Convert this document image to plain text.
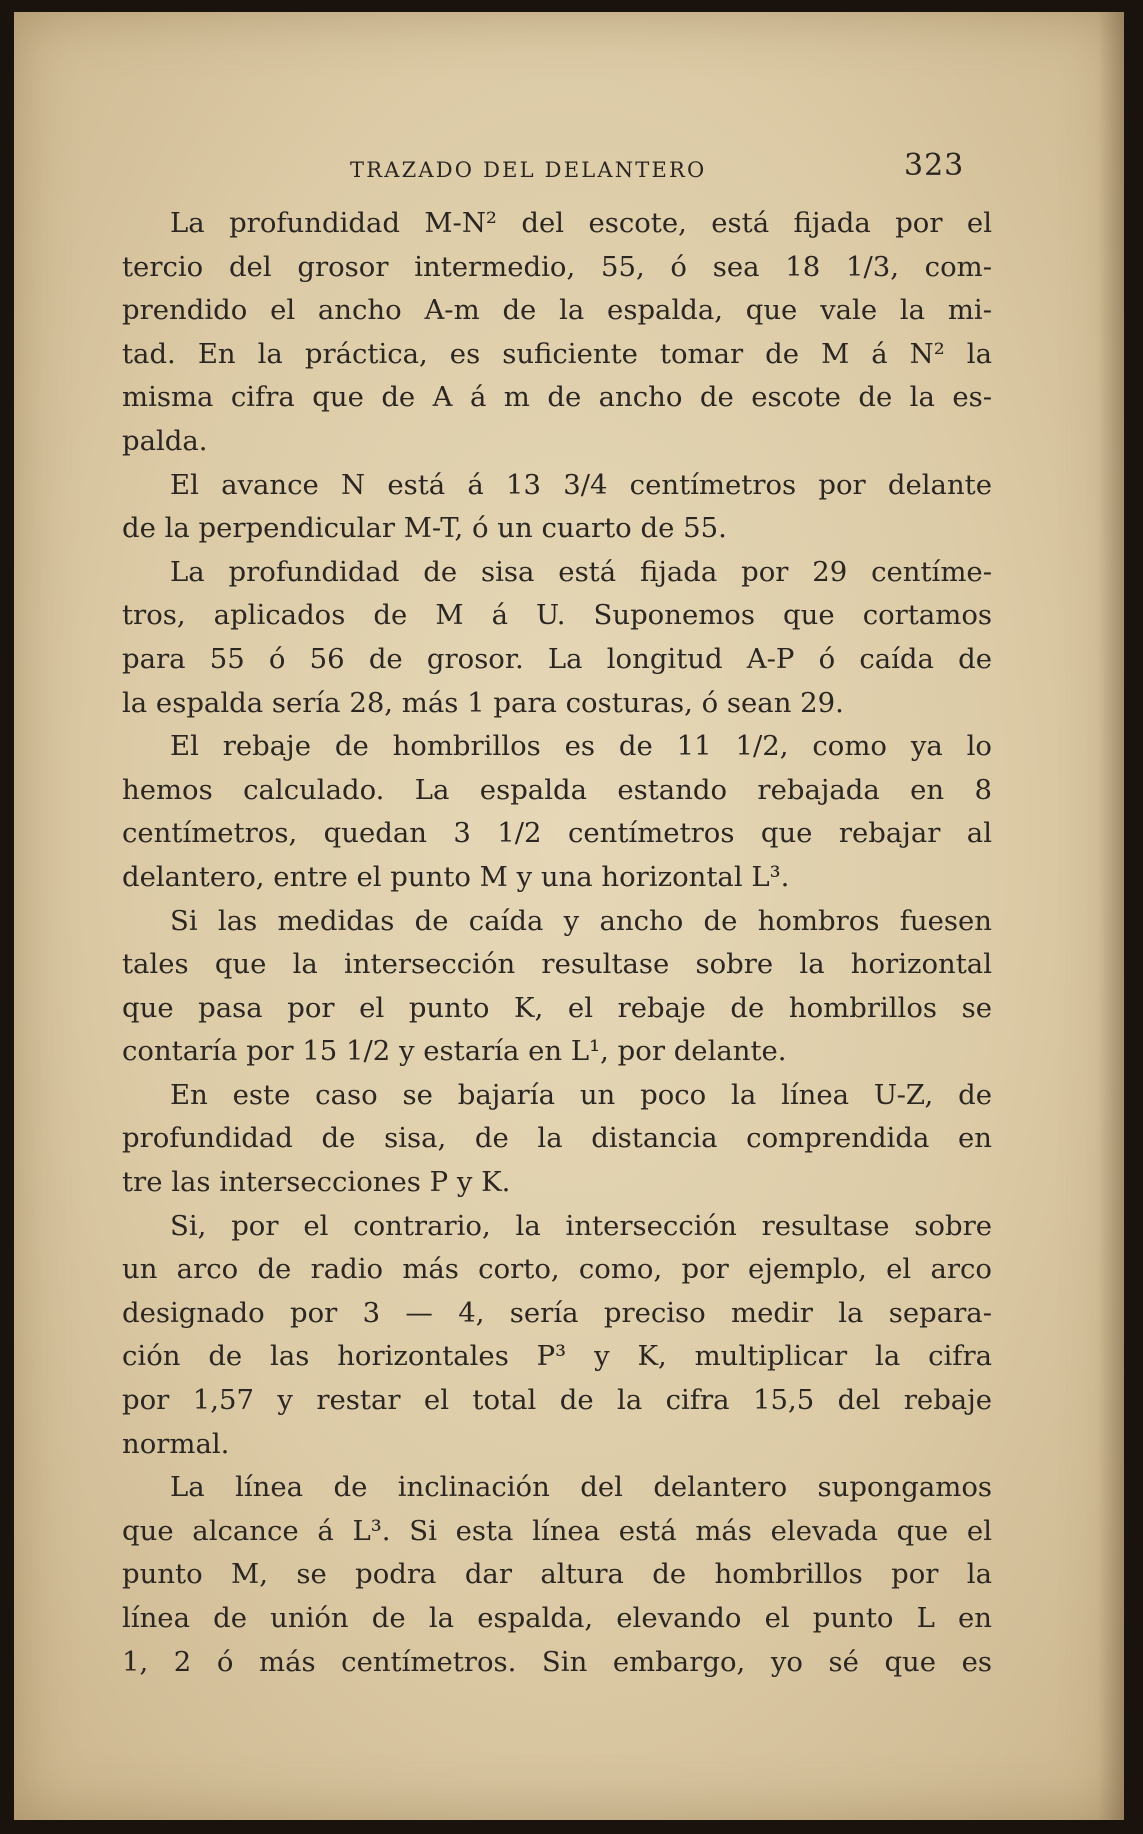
TRAZADO DEL DELANTERO	323
La profundidad M-N² del escote, está fijada por el
tercio del grosor intermedio, 55, ó sea 18 1/3, com-
prendido el ancho A-m de la espalda, que vale la mi-
tad. En la práctica, es suficiente tomar de M á N² la
misma cifra que de A á m de ancho de escote de la es-
palda.
El avance N está á 13 3/4 centímetros por delante
de la perpendicular M-T, ó un cuarto de 55.
La profundidad de sisa está fijada por 29 centíme-
tros, aplicados de M á U. Suponemos que cortamos
para 55 ó 56 de grosor. La longitud A-P ó caída de
la espalda sería 28, más 1 para costuras, ó sean 29.
El rebaje de hombrillos es de 11 1/2, como ya lo
hemos calculado. La espalda estando rebajada en 8
centímetros, quedan 3 1/2 centímetros que rebajar al
delantero, entre el punto M y una horizontal L³.
Si las medidas de caída y ancho de hombros fuesen
tales que la intersección resultase sobre la horizontal
que pasa por el punto K, el rebaje de hombrillos se
contaría por 15 1/2 y estaría en L¹, por delante.
En este caso se bajaría un poco la línea U-Z, de
profundidad de sisa, de la distancia comprendida en
tre las intersecciones P y K.
Si, por el contrario, la intersección resultase sobre
un arco de radio más corto, como, por ejemplo, el arco
designado por 3 — 4, sería preciso medir la separa-
ción de las horizontales P³ y K, multiplicar la cifra
por 1,57 y restar el total de la cifra 15,5 del rebaje
normal.
La línea de inclinación del delantero supongamos
que alcance á L³. Si esta línea está más elevada que el
punto M, se podra dar altura de hombrillos por la
línea de unión de la espalda, elevando el punto L en
1, 2 ó más centímetros. Sin embargo, yo sé que es
